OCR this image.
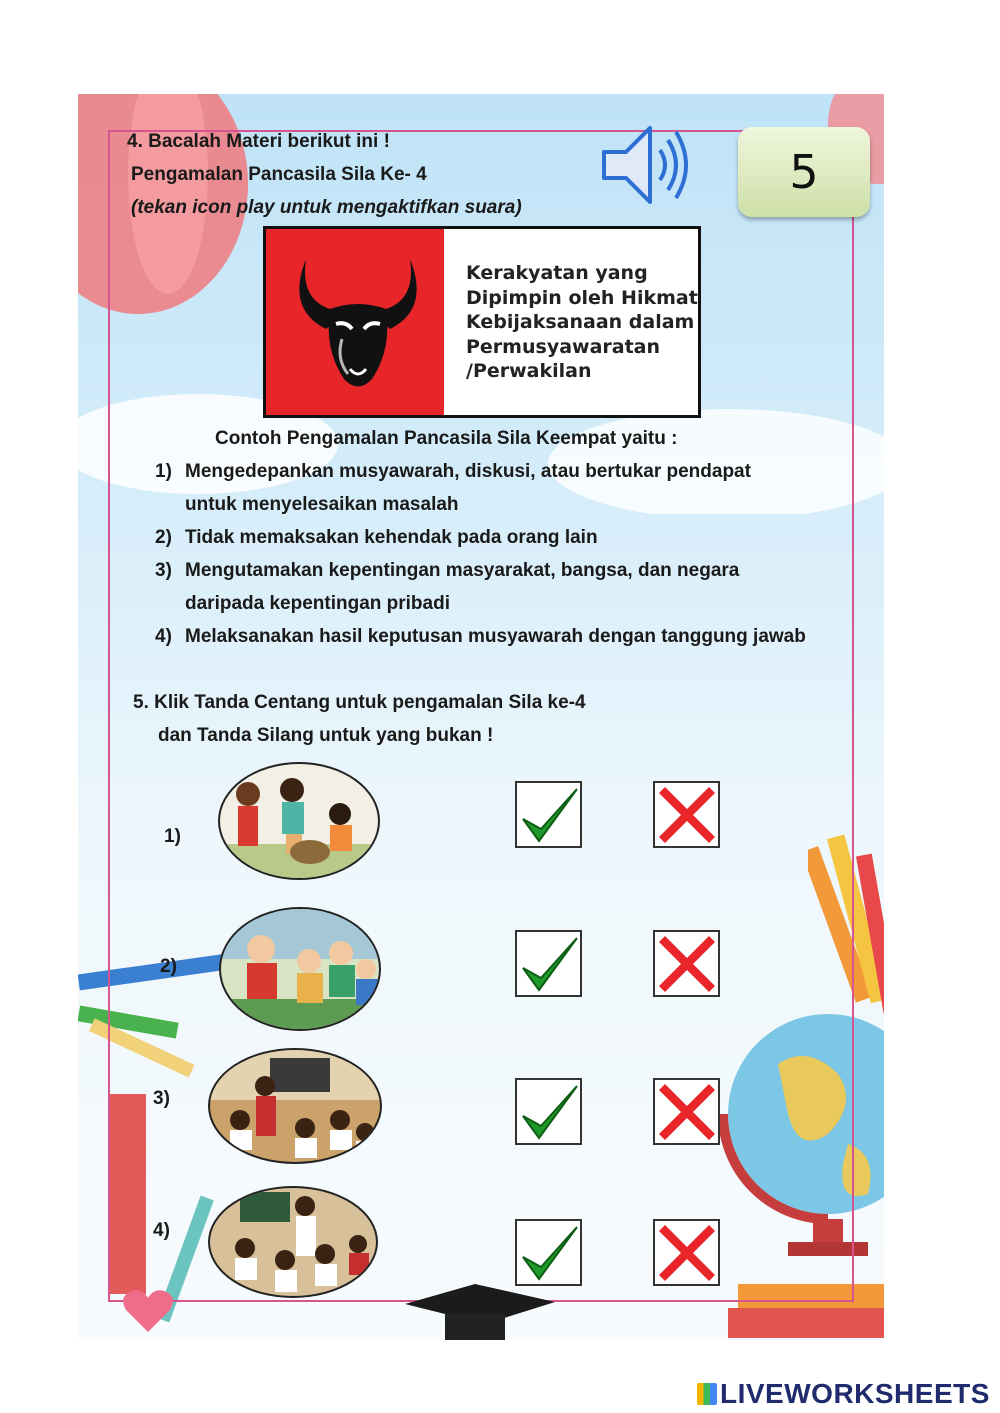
4. Bacalah Materi berikut ini !
Pengamalan Pancasila Sila Ke- 4
(tekan icon play untuk mengaktifkan suara)
5
Kerakyatan yang
Dipimpin oleh Hikmat
Kebijaksanaan dalam
Permusyawaratan
/Perwakilan
Contoh Pengamalan Pancasila Sila Keempat yaitu :
1) Mengedepankan musyawarah, diskusi, atau bertukar pendapat
untuk menyelesaikan masalah
2) Tidak memaksakan kehendak pada orang lain
3) Mengutamakan kepentingan masyarakat, bangsa, dan negara
daripada kepentingan pribadi
4) Melaksanakan hasil keputusan musyawarah dengan tanggung jawab
5. Klik Tanda Centang untuk pengamalan Sila ke-4
dan Tanda Silang untuk yang bukan !
1)
2)
3)
4)
LIVEWORKSHEETS
